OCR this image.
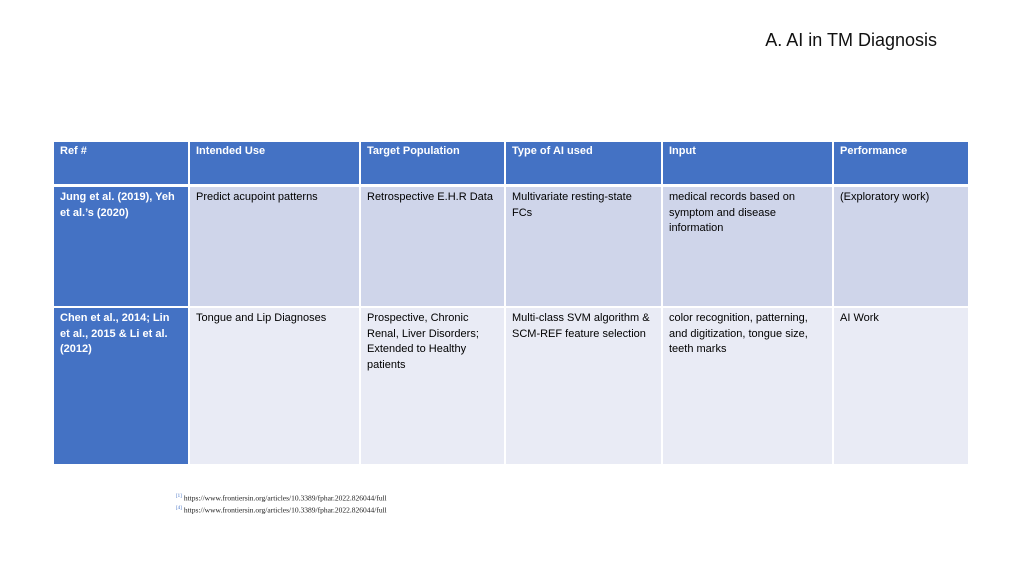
A. AI in TM Diagnosis
Ref #	Intended Use	Target Population	Type of AI used	Input	Performance
Jung et al. (2019), Yeh et al.’s (2020)	Predict acupoint patterns	Retrospective E.H.R Data	Multivariate resting-state FCs	medical records based on symptom and disease information	(Exploratory work)
Chen et al., 2014; Lin et al., 2015 & Li et al. (2012)	Tongue and Lip Diagnoses	Prospective, Chronic Renal, Liver Disorders; Extended to Healthy patients	Multi-class SVM algorithm & SCM-REF feature selection	color recognition, patterning, and digitization, tongue size, teeth marks	AI Work
[1] https://www.frontiersin.org/articles/10.3389/fphar.2022.826044/full
[4] https://www.frontiersin.org/articles/10.3389/fphar.2022.826044/full
